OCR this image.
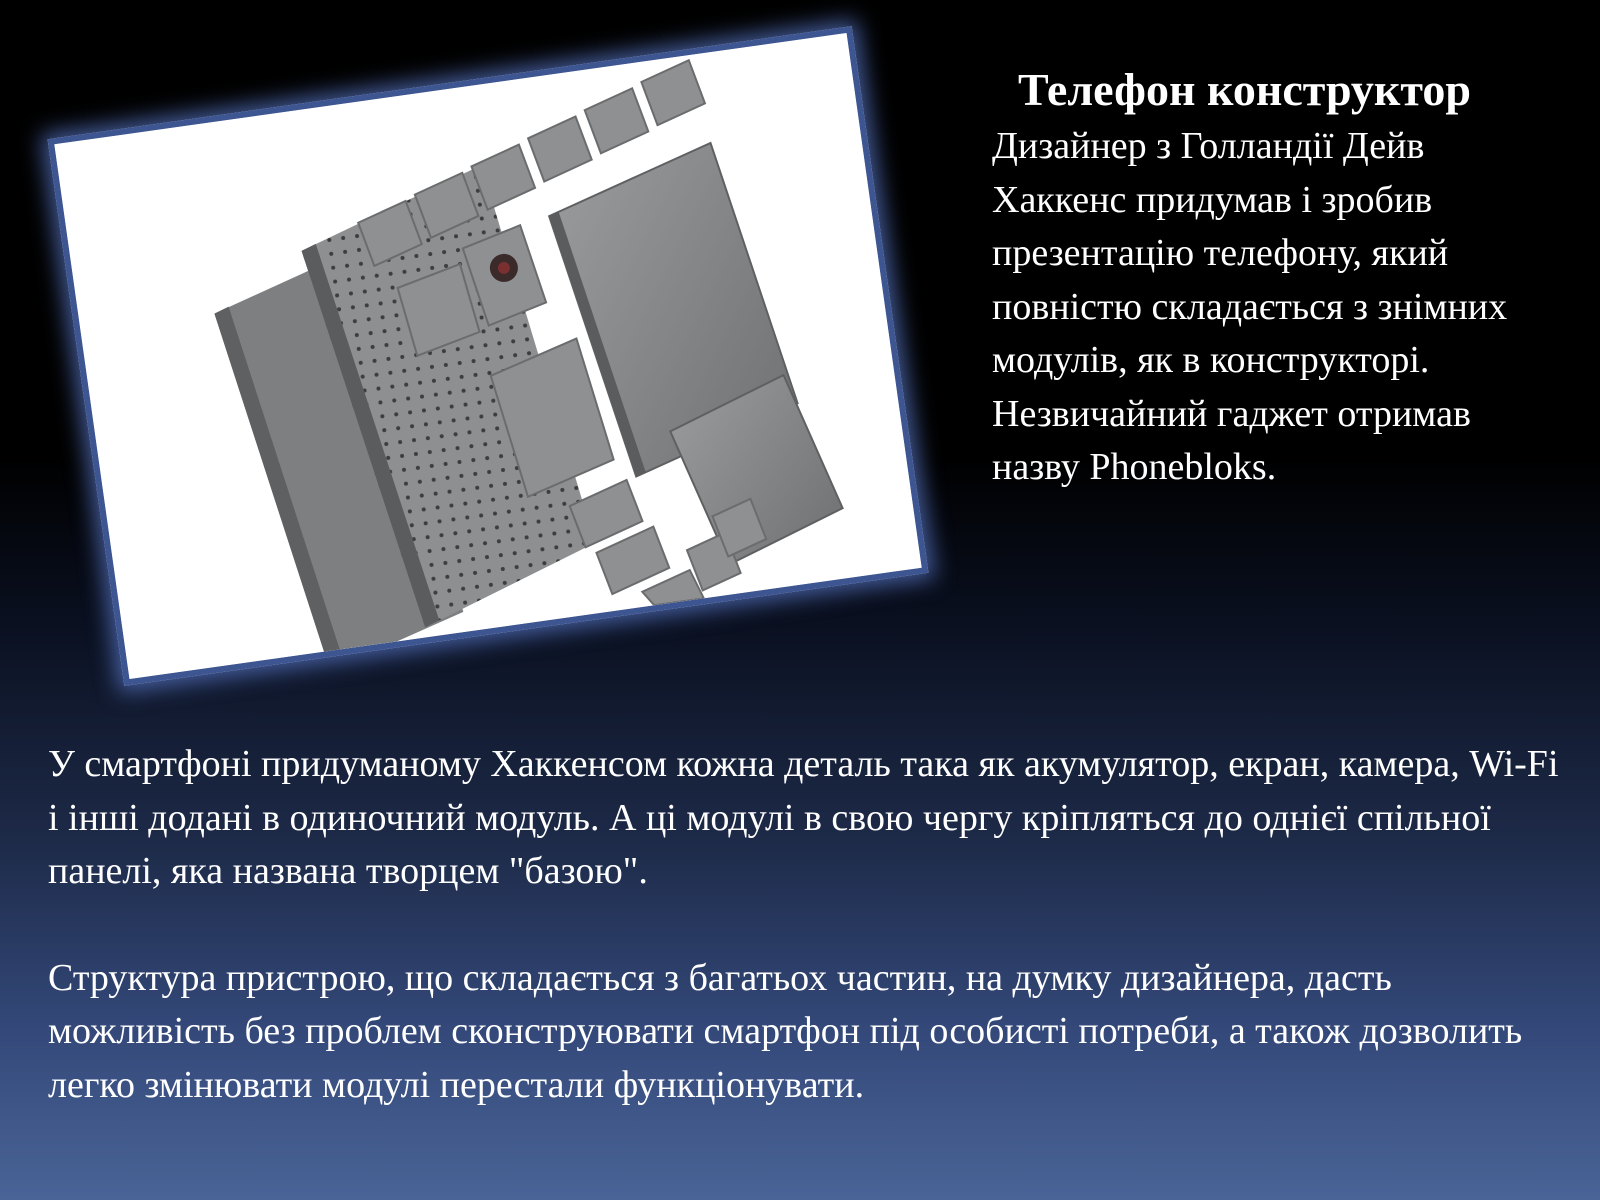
Телефон конструктор
Дизайнер з Голландії Дейв Хаккенс придумав і зробив презентацію телефону, який повністю складається з знімних модулів, як в конструкторі. Незвичайний гаджет отримав назву Phonebloks.

У смартфоні придуманому Хаккенсом кожна деталь така як акумулятор, екран, камера, Wi-Fi і інші додані в одиночний модуль. А ці модулі в свою чергу кріпляться до однієї спільної панелі, яка названа творцем "базою".

Структура пристрою, що складається з багатьох частин, на думку дизайнера, дасть можливість без проблем сконструювати смартфон під особисті потреби, а також дозволить легко змінювати модулі перестали функціонувати.
